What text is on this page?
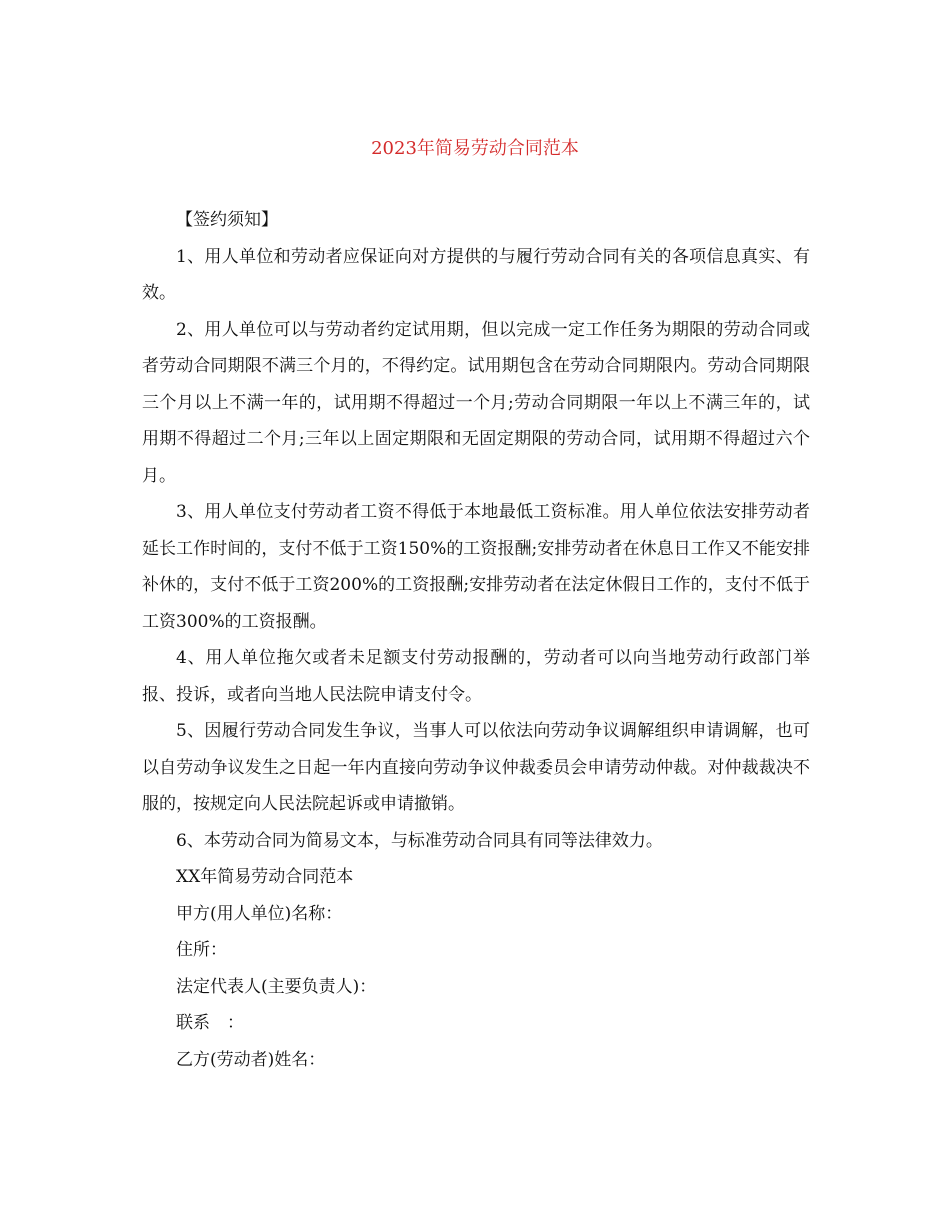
2023年简易劳动合同范本

【签约须知】

1、用人单位和劳动者应保证向对方提供的与履行劳动合同有关的各项信息真实、有效。

2、用人单位可以与劳动者约定试用期，但以完成一定工作任务为期限的劳动合同或者劳动合同期限不满三个月的，不得约定。试用期包含在劳动合同期限内。劳动合同期限三个月以上不满一年的，试用期不得超过一个月;劳动合同期限一年以上不满三年的，试用期不得超过二个月;三年以上固定期限和无固定期限的劳动合同，试用期不得超过六个月。

3、用人单位支付劳动者工资不得低于本地最低工资标准。用人单位依法安排劳动者延长工作时间的，支付不低于工资150%的工资报酬;安排劳动者在休息日工作又不能安排补休的，支付不低于工资200%的工资报酬;安排劳动者在法定休假日工作的，支付不低于工资300%的工资报酬。

4、用人单位拖欠或者未足额支付劳动报酬的，劳动者可以向当地劳动行政部门举报、投诉，或者向当地人民法院申请支付令。

5、因履行劳动合同发生争议，当事人可以依法向劳动争议调解组织申请调解，也可以自劳动争议发生之日起一年内直接向劳动争议仲裁委员会申请劳动仲裁。对仲裁裁决不服的，按规定向人民法院起诉或申请撤销。

6、本劳动合同为简易文本，与标准劳动合同具有同等法律效力。

XX年简易劳动合同范本

甲方(用人单位)名称：

住所：

法定代表人(主要负责人)：

联系　：

乙方(劳动者)姓名：
